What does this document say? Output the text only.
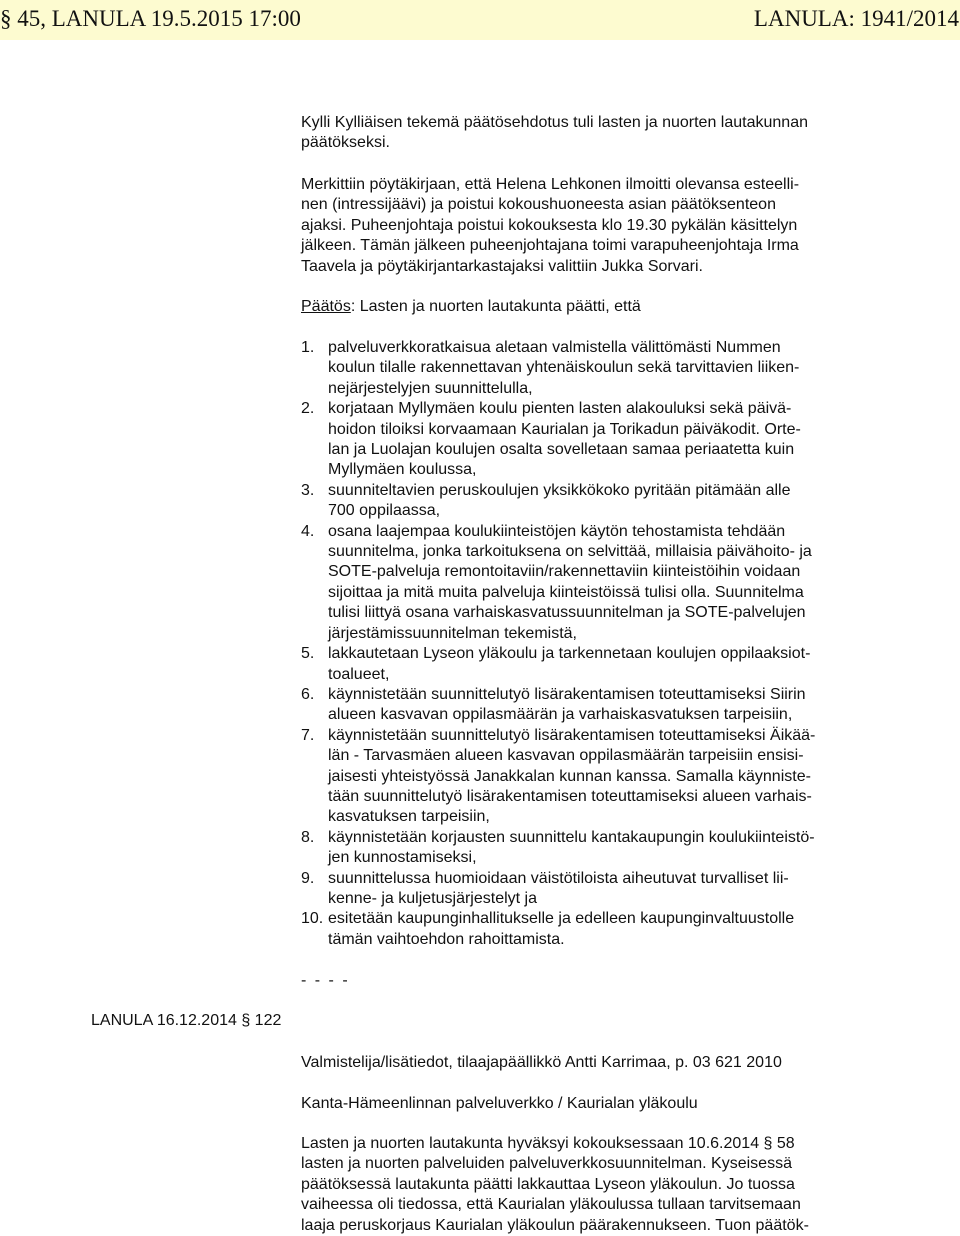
§ 45, LANULA 19.5.2015 17:00	LANULA: 1941/2014
Kylli Kylliäisen tekemä päätösehdotus tuli lasten ja nuorten lautakunnan
päätökseksi.
Merkittiin pöytäkirjaan, että Helena Lehkonen ilmoitti olevansa esteelli-
nen (intressijäävi) ja poistui kokoushuoneesta asian päätöksenteon
ajaksi. Puheenjohtaja poistui kokouksesta klo 19.30 pykälän käsittelyn
jälkeen. Tämän jälkeen puheenjohtajana toimi varapuheenjohtaja Irma
Taavela ja pöytäkirjantarkastajaksi valittiin Jukka Sorvari.
Päätös: Lasten ja nuorten lautakunta päätti, että
1. palveluverkkoratkaisua aletaan valmistella välittömästi Nummen
koulun tilalle rakennettavan yhtenäiskoulun sekä tarvittavien liiken-
nejärjestelyjen suunnittelulla,
2. korjataan Myllymäen koulu pienten lasten alakouluksi sekä päivä-
hoidon tiloiksi korvaamaan Kaurialan ja Torikadun päiväkodit. Orte-
lan ja Luolajan koulujen osalta sovelletaan samaa periaatetta kuin
Myllymäen koulussa,
3. suunniteltavien peruskoulujen yksikkökoko pyritään pitämään alle
700 oppilaassa,
4. osana laajempaa koulukiinteistöjen käytön tehostamista tehdään
suunnitelma, jonka tarkoituksena on selvittää, millaisia päivähoito- ja
SOTE-palveluja remontoitaviin/rakennettaviin kiinteistöihin voidaan
sijoittaa ja mitä muita palveluja kiinteistöissä tulisi olla. Suunnitelma
tulisi liittyä osana varhaiskasvatussuunnitelman ja SOTE-palvelujen
järjestämissuunnitelman tekemistä,
5. lakkautetaan Lyseon yläkoulu ja tarkennetaan koulujen oppilaaksiot-
toalueet,
6. käynnistetään suunnittelutyö lisärakentamisen toteuttamiseksi Siirin
alueen kasvavan oppilasmäärän ja varhaiskasvatuksen tarpeisiin,
7. käynnistetään suunnittelutyö lisärakentamisen toteuttamiseksi Äikää-
län - Tarvasmäen alueen kasvavan oppilasmäärän tarpeisiin ensisi-
jaisesti yhteistyössä Janakkalan kunnan kanssa. Samalla käynniste-
tään suunnittelutyö lisärakentamisen toteuttamiseksi alueen varhais-
kasvatuksen tarpeisiin,
8. käynnistetään korjausten suunnittelu kantakaupungin koulukiinteistö-
jen kunnostamiseksi,
9. suunnittelussa huomioidaan väistötiloista aiheutuvat turvalliset lii-
kenne- ja kuljetusjärjestelyt ja
10. esitetään kaupunginhallitukselle ja edelleen kaupunginvaltuustolle
tämän vaihtoehdon rahoittamista.
- - - -
LANULA 16.12.2014 § 122
Valmistelija/lisätiedot, tilaajapäällikkö Antti Karrimaa, p. 03 621 2010
Kanta-Hämeenlinnan palveluverkko / Kaurialan yläkoulu
Lasten ja nuorten lautakunta hyväksyi kokouksessaan 10.6.2014 § 58
lasten ja nuorten palveluiden palveluverkkosuunnitelman. Kyseisessä
päätöksessä lautakunta päätti lakkauttaa Lyseon yläkoulun. Jo tuossa
vaiheessa oli tiedossa, että Kaurialan yläkoulussa tullaan tarvitsemaan
laaja peruskorjaus Kaurialan yläkoulun päärakennukseen. Tuon päätök-
